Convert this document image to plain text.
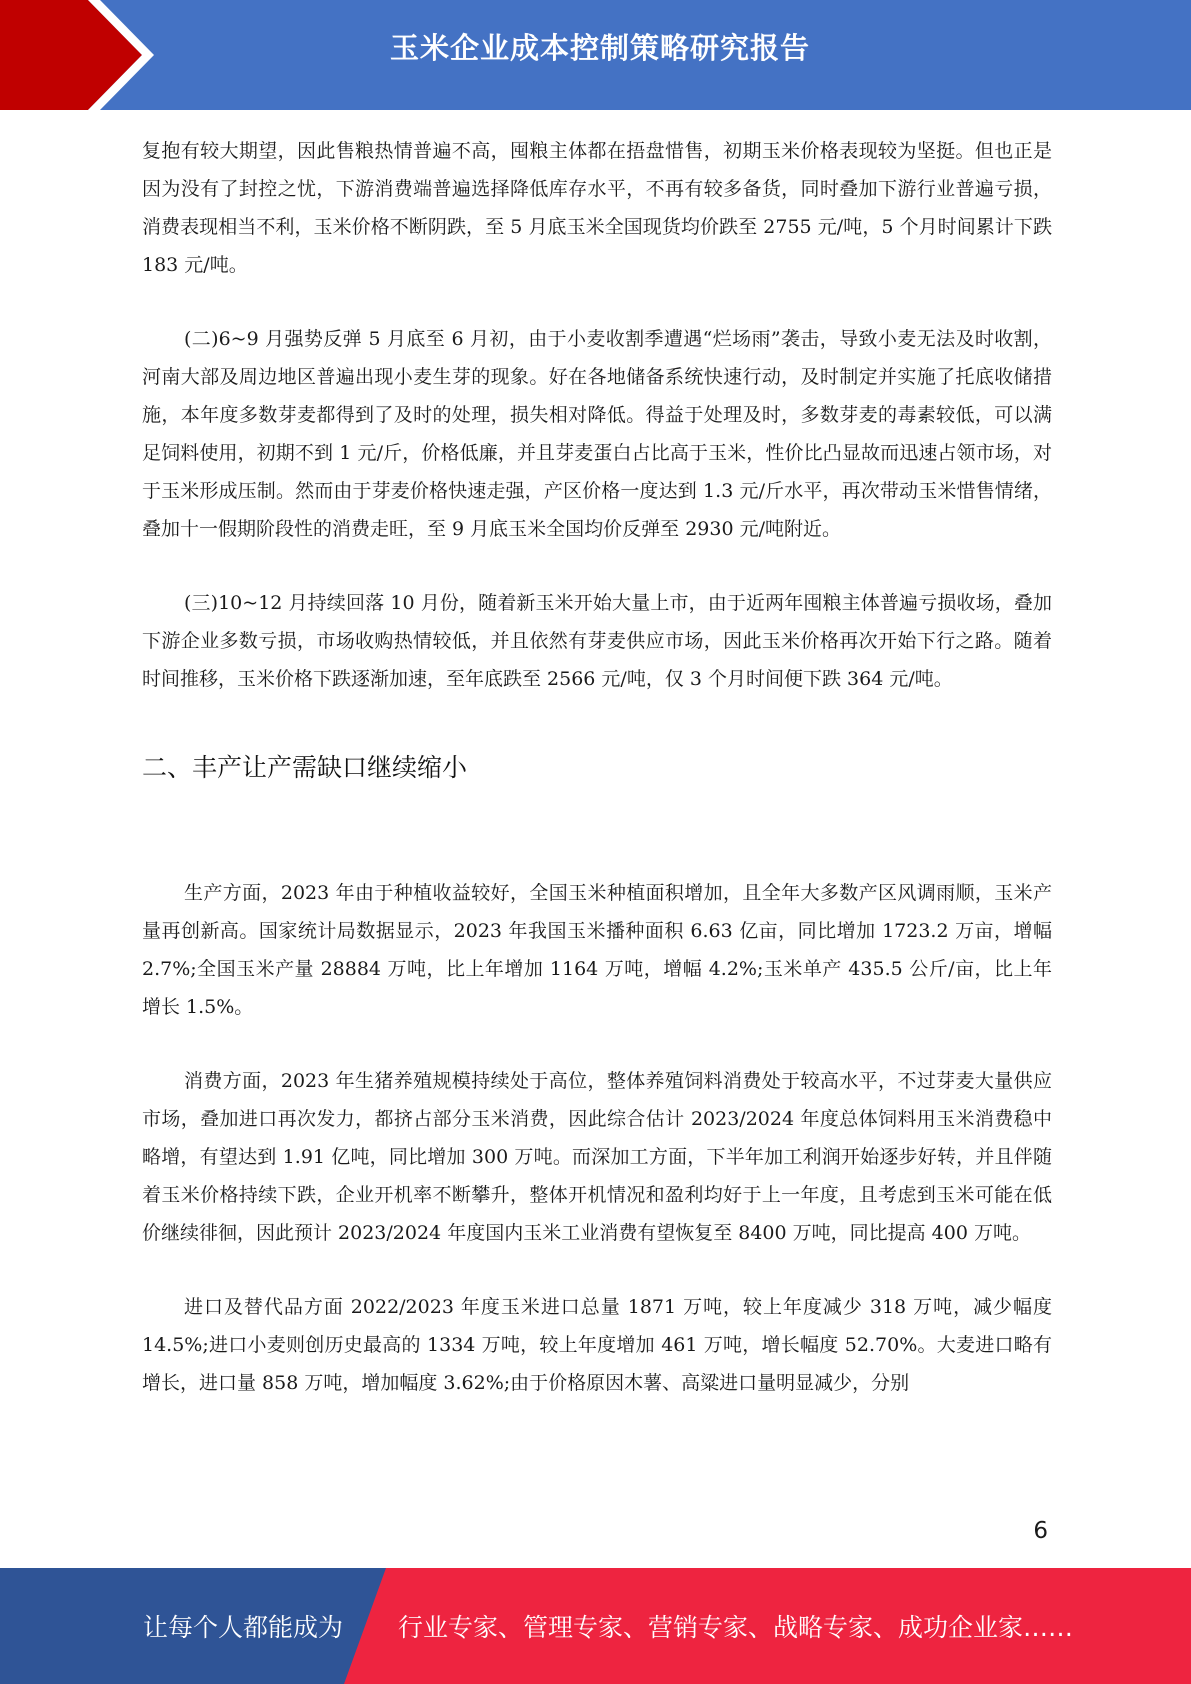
玉米企业成本控制策略研究报告

复抱有较大期望，因此售粮热情普遍不高，囤粮主体都在捂盘惜售，初期玉米价格表现较为坚挺。但也正是因为没有了封控之忧，下游消费端普遍选择降低库存水平，不再有较多备货，同时叠加下游行业普遍亏损，消费表现相当不利，玉米价格不断阴跌，至 5 月底玉米全国现货均价跌至 2755 元/吨，5 个月时间累计下跌 183 元/吨。

(二)6~9 月强势反弹 5 月底至 6 月初，由于小麦收割季遭遇“烂场雨”袭击，导致小麦无法及时收割，河南大部及周边地区普遍出现小麦生芽的现象。好在各地储备系统快速行动，及时制定并实施了托底收储措施，本年度多数芽麦都得到了及时的处理，损失相对降低。得益于处理及时，多数芽麦的毒素较低，可以满足饲料使用，初期不到 1 元/斤，价格低廉，并且芽麦蛋白占比高于玉米，性价比凸显故而迅速占领市场，对于玉米形成压制。然而由于芽麦价格快速走强，产区价格一度达到 1.3 元/斤水平，再次带动玉米惜售情绪，叠加十一假期阶段性的消费走旺，至 9 月底玉米全国均价反弹至 2930 元/吨附近。

(三)10~12 月持续回落 10 月份，随着新玉米开始大量上市，由于近两年囤粮主体普遍亏损收场，叠加下游企业多数亏损，市场收购热情较低，并且依然有芽麦供应市场，因此玉米价格再次开始下行之路。随着时间推移，玉米价格下跌逐渐加速，至年底跌至 2566 元/吨，仅 3 个月时间便下跌 364 元/吨。

二、丰产让产需缺口继续缩小

生产方面，2023 年由于种植收益较好，全国玉米种植面积增加，且全年大多数产区风调雨顺，玉米产量再创新高。国家统计局数据显示，2023 年我国玉米播种面积 6.63 亿亩，同比增加 1723.2 万亩，增幅 2.7%;全国玉米产量 28884 万吨，比上年增加 1164 万吨，增幅 4.2%;玉米单产 435.5 公斤/亩，比上年增长 1.5%。

消费方面，2023 年生猪养殖规模持续处于高位，整体养殖饲料消费处于较高水平，不过芽麦大量供应市场，叠加进口再次发力，都挤占部分玉米消费，因此综合估计 2023/2024 年度总体饲料用玉米消费稳中略增，有望达到 1.91 亿吨，同比增加 300 万吨。而深加工方面，下半年加工利润开始逐步好转，并且伴随着玉米价格持续下跌，企业开机率不断攀升，整体开机情况和盈利均好于上一年度，且考虑到玉米可能在低价继续徘徊，因此预计 2023/2024 年度国内玉米工业消费有望恢复至 8400 万吨，同比提高 400 万吨。

进口及替代品方面 2022/2023 年度玉米进口总量 1871 万吨，较上年度减少 318 万吨，减少幅度 14.5%;进口小麦则创历史最高的 1334 万吨，较上年度增加 461 万吨，增长幅度 52.70%。大麦进口略有增长，进口量 858 万吨，增加幅度 3.62%;由于价格原因木薯、高粱进口量明显减少，分别

6
让每个人都能成为 行业专家、管理专家、营销专家、战略专家、成功企业家……
